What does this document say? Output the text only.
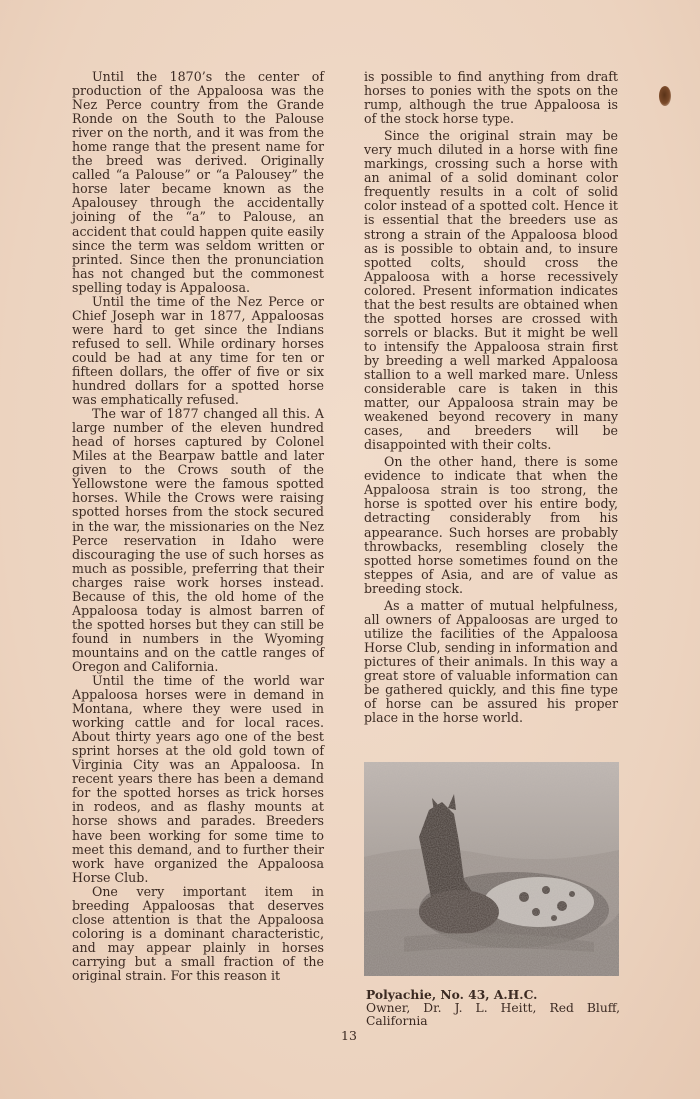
Until the 1870’s the center of production of the Appaloosa was the Nez Perce country from the Grande Ronde on the South to the Palouse river on the north, and it was from the home range that the present name for the breed was derived. Originally called “a Palouse” or “a Palousey” the horse later became known as the Apalousey through the accidentally joining of the “a” to Palouse, an accident that could happen quite easily since the term was seldom written or printed. Since then the pronunciation has not changed but the commonest spelling today is Appaloosa.

Until the time of the Nez Perce or Chief Joseph war in 1877, Appaloosas were hard to get since the Indians refused to sell. While ordinary horses could be had at any time for ten or fifteen dollars, the offer of five or six hundred dollars for a spotted horse was emphatically refused.

The war of 1877 changed all this. A large number of the eleven hundred head of horses captured by Colonel Miles at the Bearpaw battle and later given to the Crows south of the Yellowstone were the famous spotted horses. While the Crows were raising spotted horses from the stock secured in the war, the missionaries on the Nez Perce reservation in Idaho were discouraging the use of such horses as much as possible, preferring that their charges raise work horses instead. Because of this, the old home of the Appaloosa today is almost barren of the spotted horses but they can still be found in numbers in the Wyoming mountains and on the cattle ranges of Oregon and California.

Until the time of the world war Appaloosa horses were in demand in Montana, where they were used in working cattle and for local races. About thirty years ago one of the best sprint horses at the old gold town of Virginia City was an Appaloosa. In recent years there has been a demand for the spotted horses as trick horses in rodeos, and as flashy mounts at horse shows and parades. Breeders have been working for some time to meet this demand, and to further their work have organized the Appaloosa Horse Club.

One very important item in breeding Appaloosas that deserves close attention is that the Appaloosa coloring is a dominant characteristic, and may appear plainly in horses carrying but a small fraction of the original strain. For this reason it

is possible to find anything from draft horses to ponies with the spots on the rump, although the true Appaloosa is of the stock horse type.

Since the original strain may be very much diluted in a horse with fine markings, crossing such a horse with an animal of a solid dominant color frequently results in a colt of solid color instead of a spotted colt. Hence it is essential that the breeders use as strong a strain of the Appaloosa blood as is possible to obtain and, to insure spotted colts, should cross the Appaloosa with a horse recessively colored. Present information indicates that the best results are obtained when the spotted horses are crossed with sorrels or blacks. But it might be well to intensify the Appaloosa strain first by breeding a well marked Appaloosa stallion to a well marked mare. Unless considerable care is taken in this matter, our Appaloosa strain may be weakened beyond recovery in many cases, and breeders will be disappointed with their colts.

On the other hand, there is some evidence to indicate that when the Appaloosa strain is too strong, the horse is spotted over his entire body, detracting considerably from his appearance. Such horses are probably throwbacks, resembling closely the spotted horse sometimes found on the steppes of Asia, and are of value as breeding stock.

As a matter of mutual helpfulness, all owners of Appaloosas are urged to utilize the facilities of the Appaloosa Horse Club, sending in information and pictures of their animals. In this way a great store of valuable information can be gathered quickly, and this fine type of horse can be assured his proper place in the horse world.

Polyachie, No. 43, A.H.C.
Owner, Dr. J. L. Heitt, Red Bluff, California
13
